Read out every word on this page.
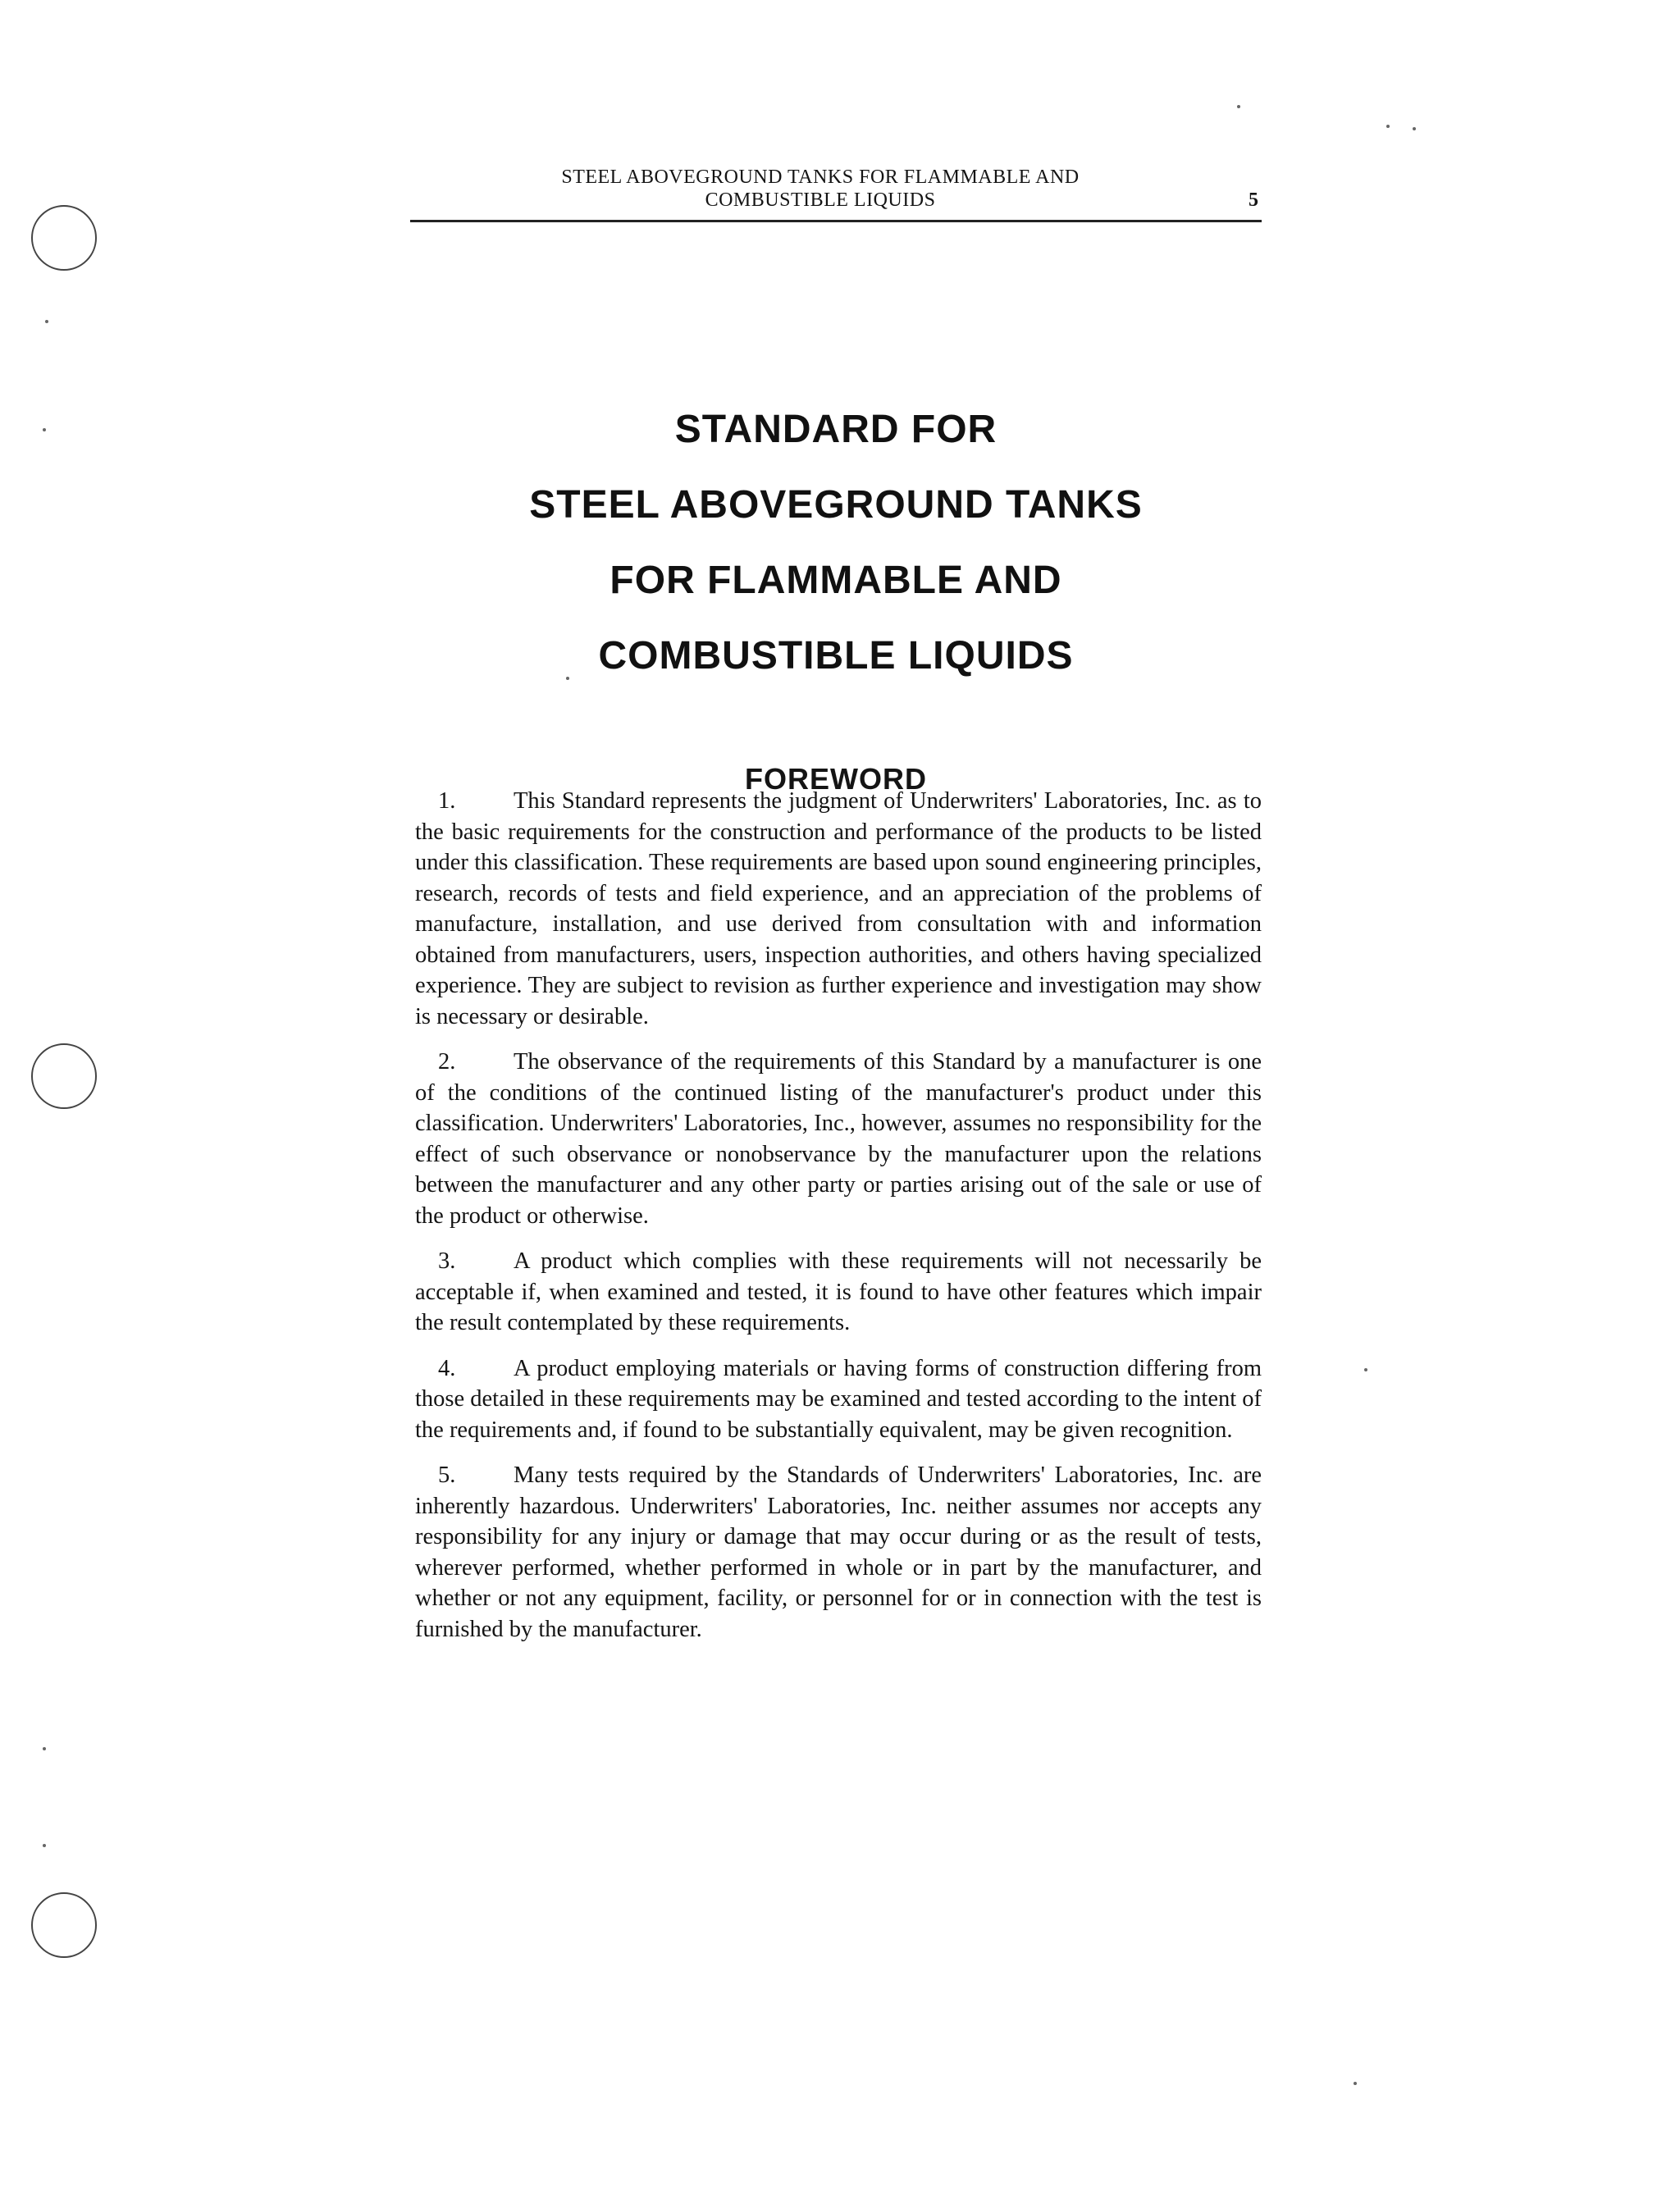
STEEL ABOVEGROUND TANKS FOR FLAMMABLE AND
COMBUSTIBLE LIQUIDS	5
STANDARD FOR
STEEL ABOVEGROUND TANKS
FOR FLAMMABLE AND
COMBUSTIBLE LIQUIDS
FOREWORD

1. This Standard represents the judgment of Underwriters' Laboratories, Inc. as to the basic requirements for the construction and performance of the products to be listed under this classification. These requirements are based upon sound engineering principles, research, records of tests and field experience, and an appreciation of the problems of manufacture, installation, and use derived from consultation with and information obtained from manufacturers, users, inspection authorities, and others having specialized experience. They are subject to revision as further experience and investigation may show is necessary or desirable.

2. The observance of the requirements of this Standard by a manufacturer is one of the conditions of the continued listing of the manufacturer's product under this classification. Underwriters' Laboratories, Inc., however, assumes no responsibility for the effect of such observance or nonobservance by the manufacturer upon the relations between the manufacturer and any other party or parties arising out of the sale or use of the product or otherwise.

3. A product which complies with these requirements will not necessarily be acceptable if, when examined and tested, it is found to have other features which impair the result contemplated by these requirements.

4. A product employing materials or having forms of construction differing from those detailed in these requirements may be examined and tested according to the intent of the requirements and, if found to be substantially equivalent, may be given recognition.

5. Many tests required by the Standards of Underwriters' Laboratories, Inc. are inherently hazardous. Underwriters' Laboratories, Inc. neither assumes nor accepts any responsibility for any injury or damage that may occur during or as the result of tests, wherever performed, whether performed in whole or in part by the manufacturer, and whether or not any equipment, facility, or personnel for or in connection with the test is furnished by the manufacturer.
